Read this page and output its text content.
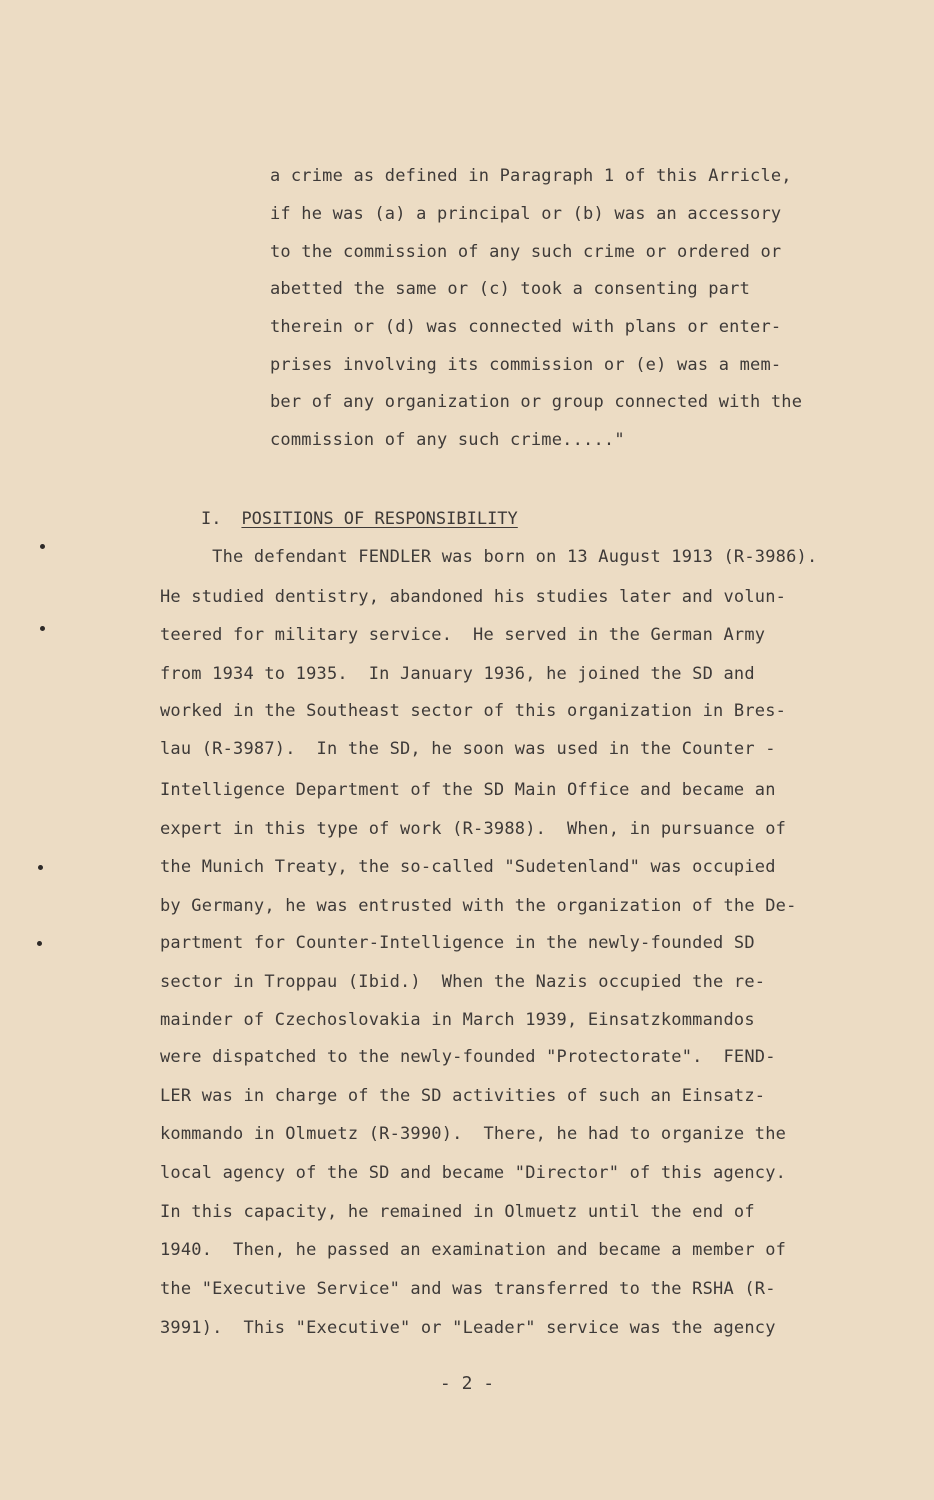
a crime as defined in Paragraph 1 of this Arricle,
if he was (a) a principal or (b) was an accessory
to the commission of any such crime or ordered or
abetted the same or (c) took a consenting part
therein or (d) was connected with plans or enter-
prises involving its commission or (e) was a mem-
ber of any organization or group connected with the
commission of any such crime....."

I. POSITIONS OF RESPONSIBILITY

The defendant FENDLER was born on 13 August 1913 (R-3986).
He studied dentistry, abandoned his studies later and volun-
teered for military service.  He served in the German Army
from 1934 to 1935.  In January 1936, he joined the SD and
worked in the Southeast sector of this organization in Bres-
lau (R-3987).  In the SD, he soon was used in the Counter -
Intelligence Department of the SD Main Office and became an
expert in this type of work (R-3988).  When, in pursuance of
the Munich Treaty, the so-called "Sudetenland" was occupied
by Germany, he was entrusted with the organization of the De-
partment for Counter-Intelligence in the newly-founded SD
sector in Troppau (Ibid.)  When the Nazis occupied the re-
mainder of Czechoslovakia in March 1939, Einsatzkommandos
were dispatched to the newly-founded "Protectorate".  FEND-
LER was in charge of the SD activities of such an Einsatz-
kommando in Olmuetz (R-3990).  There, he had to organize the
local agency of the SD and became "Director" of this agency.
In this capacity, he remained in Olmuetz until the end of
1940.  Then, he passed an examination and became a member of
the "Executive Service" and was transferred to the RSHA (R-
3991).  This "Executive" or "Leader" service was the agency
- 2 -
